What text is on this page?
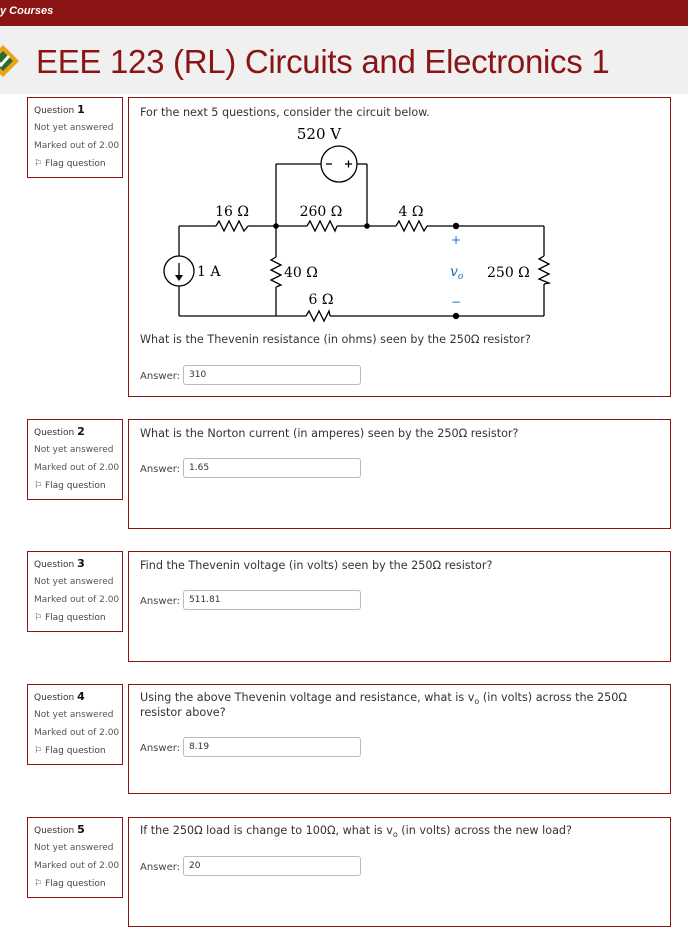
y Courses
EEE 123 (RL) Circuits and Electronics 1
Question 1
Not yet answered
Marked out of 2.00
⚐ Flag question
For the next 5 questions, consider the circuit below.
16 Ω	260 Ω	4 Ω
520 V
1 A	40 Ω
6 Ω
250 Ω
+
−
$v_o$
What is the Thevenin resistance (in ohms) seen by the 250Ω resistor?
Answer: 310
Question 2
Not yet answered
Marked out of 2.00
⚐ Flag question
What is the Norton current (in amperes) seen by the 250Ω resistor?
Answer: 1.65
Question 3
Not yet answered
Marked out of 2.00
⚐ Flag question
Find the Thevenin voltage (in volts) seen by the 250Ω resistor?
Answer: 511.81
Question 4
Not yet answered
Marked out of 2.00
⚐ Flag question
Using the above Thevenin voltage and resistance, what is $v_o$ (in volts) across the 250Ω
resistor above?
Answer: 8.19
Question 5
Not yet answered
Marked out of 2.00
⚐ Flag question
If the 250Ω load is change to 100Ω, what is $v_o$ (in volts) across the new load?
Answer: 20
